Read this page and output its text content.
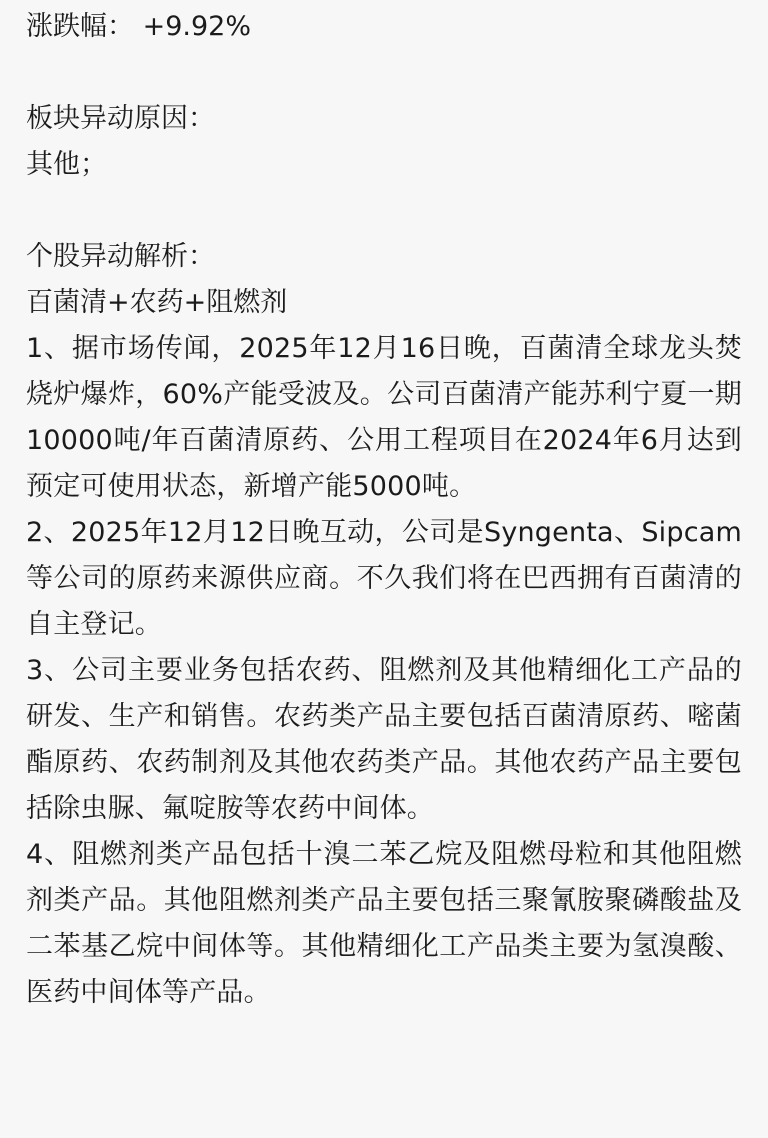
涨跌幅： +9.92%

板块异动原因：

其他；

个股异动解析：

百菌清+农药+阻燃剂

1、据市场传闻，2025年12月16日晚，百菌清全球龙头焚烧炉爆炸，60%产能受波及。公司百菌清产能苏利宁夏一期10000吨/年百菌清原药、公用工程项目在2024年6月达到预定可使用状态，新增产能5000吨。

2、2025年12月12日晚互动，公司是Syngenta、Sipcam等公司的原药来源供应商。不久我们将在巴西拥有百菌清的自主登记。

3、公司主要业务包括农药、阻燃剂及其他精细化工产品的研发、生产和销售。农药类产品主要包括百菌清原药、嘧菌酯原药、农药制剂及其他农药类产品。其他农药产品主要包括除虫脲、氟啶胺等农药中间体。

4、阻燃剂类产品包括十溴二苯乙烷及阻燃母粒和其他阻燃剂类产品。其他阻燃剂类产品主要包括三聚氰胺聚磷酸盐及二苯基乙烷中间体等。其他精细化工产品类主要为氢溴酸、医药中间体等产品。
